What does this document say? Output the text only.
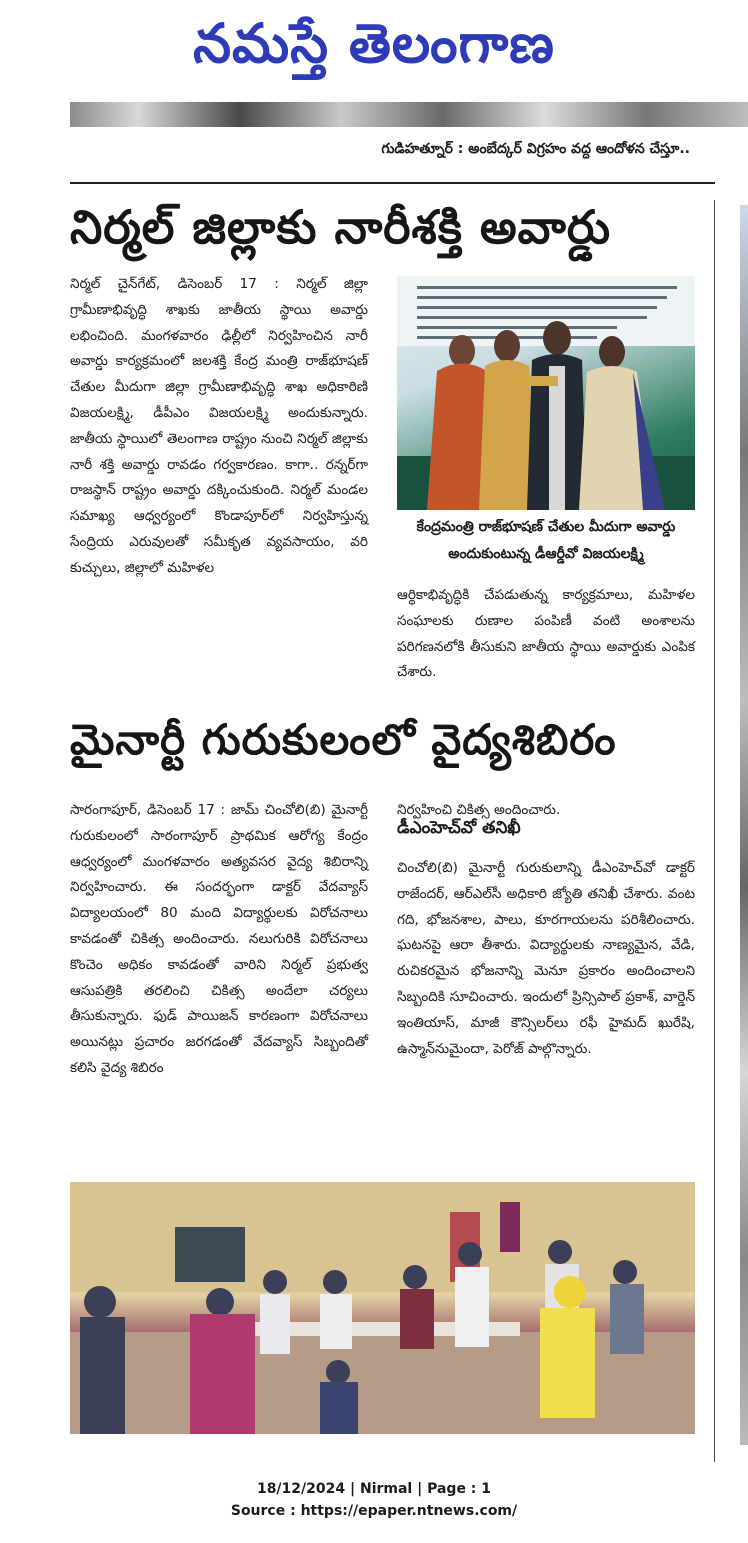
నమస్తే తెలంగాణ
గుడిహత్నూర్ : అంబేద్కర్ విగ్రహం వద్ద ఆందోళన చేస్తూ..
నిర్మల్ జిల్లాకు నారీశక్తి అవార్డు
నిర్మల్ చైన్‌గేట్, డిసెంబర్ 17 : నిర్మల్ జిల్లా గ్రామీణాభివృద్ధి శాఖకు జాతీయ స్థాయి అవార్డు లభించింది. మంగళవారం ఢిల్లీలో నిర్వహించిన నారీ అవార్డు కార్యక్రమంలో జలశక్తి కేంద్ర మంత్రి రాజ్‌భూషణ్ చేతుల మీదుగా జిల్లా గ్రామీణాభివృద్ధి శాఖ అధికారిణి విజయలక్ష్మి, డీపీఎం విజయలక్ష్మి అందుకున్నారు. జాతీయ స్థాయిలో తెలంగాణ రాష్ట్రం నుంచి నిర్మల్ జిల్లాకు నారీ శక్తి అవార్డు రావడం గర్వకారణం. కాగా.. రన్నర్‌గా రాజస్థాన్ రాష్ట్రం అవార్డు దక్కించుకుంది. నిర్మల్ మండల సమాఖ్య ఆధ్వర్యంలో కొండాపూర్‌లో నిర్వహిస్తున్న సేంద్రియ ఎరువులతో సమీకృత వ్యవసాయం, వరి కుచ్చులు, జిల్లాలో మహిళల
కేంద్రమంత్రి రాజ్‌భూషణ్ చేతుల మీదుగా అవార్డు అందుకుంటున్న డీఆర్డీవో విజయలక్ష్మి
ఆర్థికాభివృద్ధికి చేపడుతున్న కార్యక్రమాలు, మహిళల సంఘాలకు రుణాల పంపిణీ వంటి అంశాలను పరిగణనలోకి తీసుకుని జాతీయ స్థాయి అవార్డుకు ఎంపిక చేశారు.
మైనార్టీ గురుకులంలో వైద్యశిబిరం
సారంగాపూర్, డిసెంబర్ 17 : జామ్ చించోలి(బి) మైనార్టీ గురుకులంలో సారంగాపూర్ ప్రాథమిక ఆరోగ్య కేంద్రం ఆధ్వర్యంలో మంగళవారం అత్యవసర వైద్య శిబిరాన్ని నిర్వహించారు. ఈ సందర్భంగా డాక్టర్ వేదవ్యాస్ విద్యాలయంలో 80 మంది విద్యార్థులకు విరోచనాలు కావడంతో చికిత్స అందించారు. నలుగురికి విరోచనాలు కొంచెం అధికం కావడంతో వారిని నిర్మల్ ప్రభుత్వ ఆసుపత్రికి తరలించి చికిత్స అందేలా చర్యలు తీసుకున్నారు. ఫుడ్ పాయిజన్ కారణంగా విరోచనాలు అయినట్లు ప్రచారం జరగడంతో వేదవ్యాస్ సిబ్బందితో కలిసి వైద్య శిబిరం
నిర్వహించి చికిత్స అందించారు.
డీఎంహెచ్‌వో తనిఖీ
చించోలి(బి) మైనార్టీ గురుకులాన్ని డీఎంహెచ్‌వో డాక్టర్ రాజేందర్, ఆర్ఎల్‌సీ అధికారి జ్యోతి తనిఖీ చేశారు. వంట గది, భోజనశాల, పాలు, కూరగాయలను పరిశీలించారు. ఘటనపై ఆరా తీశారు. విద్యార్థులకు నాణ్యమైన, వేడి, రుచికరమైన భోజనాన్ని మెనూ ప్రకారం అందించాలని సిబ్బందికి సూచించారు. ఇందులో ప్రిన్సిపాల్ ప్రకాశ్, వార్డెన్ ఇంతియాస్, మాజీ కౌన్సిలర్‌లు రఫీ హైమద్ ఖురేషి, ఉస్మాన్‌నుమైందా, పెరోజ్ పాల్గొన్నారు.
18/12/2024 | Nirmal | Page : 1
Source : https://epaper.ntnews.com/
